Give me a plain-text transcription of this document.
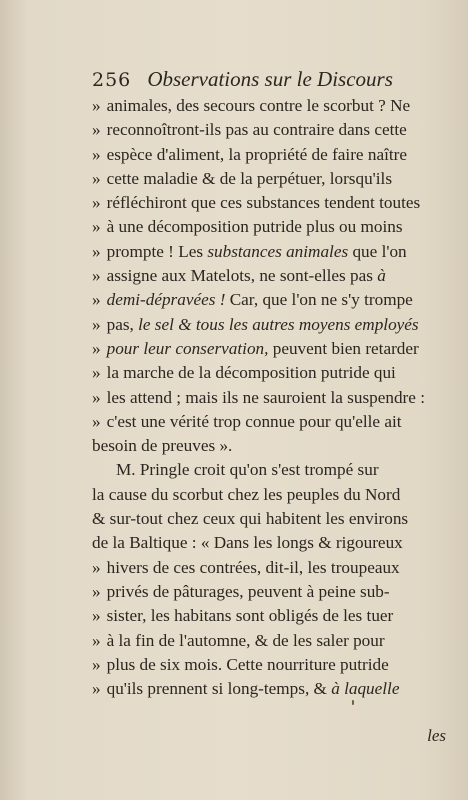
256 Observations sur le Discours
» animales, des secours contre le scorbut ? Ne
» reconnoîtront-ils pas au contraire dans cette
» espèce d'aliment, la propriété de faire naître
» cette maladie & de la perpétuer, lorsqu'ils
» réfléchiront que ces substances tendent toutes
» à une décomposition putride plus ou moins
» prompte ! Les substances animales que l'on
» assigne aux Matelots, ne sont-elles pas à
» demi-dépravées ! Car, que l'on ne s'y trompe
» pas, le sel & tous les autres moyens employés
» pour leur conservation, peuvent bien retarder
» la marche de la décomposition putride qui
» les attend ; mais ils ne sauroient la suspendre :
» c'est une vérité trop connue pour qu'elle ait
besoin de preuves ».
M. Pringle croit qu'on s'est trompé sur
la cause du scorbut chez les peuples du Nord
& sur-tout chez ceux qui habitent les environs
de la Baltique : « Dans les longs & rigoureux
» hivers de ces contrées, dit-il, les troupeaux
» privés de pâturages, peuvent à peine sub-
» sister, les habitans sont obligés de les tuer
» à la fin de l'automne, & de les saler pour
» plus de six mois. Cette nourriture putride
» qu'ils prennent si long-temps, & à laquelle
les
